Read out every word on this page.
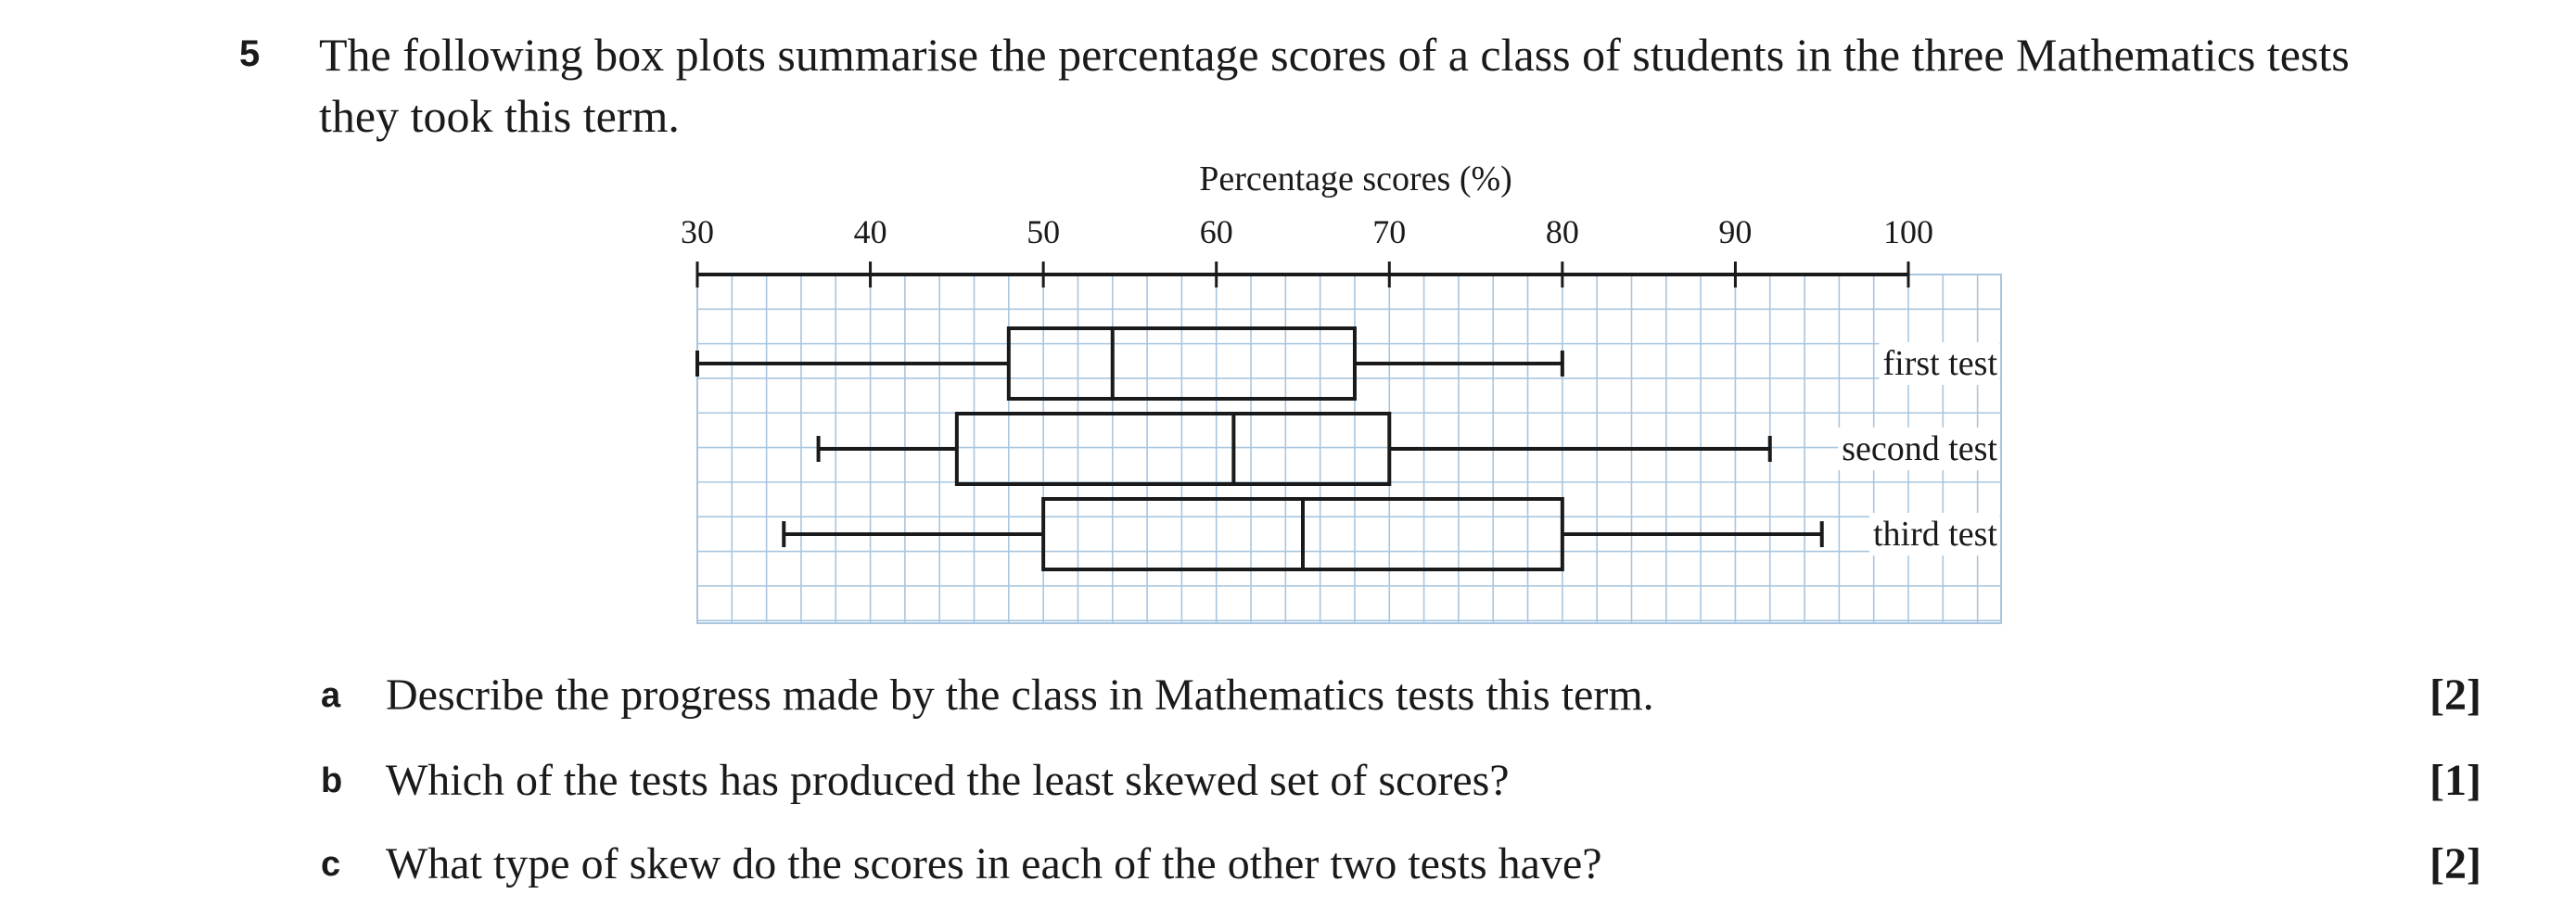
5 The following box plots summarise the percentage scores of a class of students in the three Mathematics tests
they took this term.
Percentage scores (%)
30	40	50	60	70	80	90	100
first test
second test
third test
a Describe the progress made by the class in Mathematics tests this term.	[2]
b Which of the tests has produced the least skewed set of scores?	[1]
c What type of skew do the scores in each of the other two tests have?	[2]
